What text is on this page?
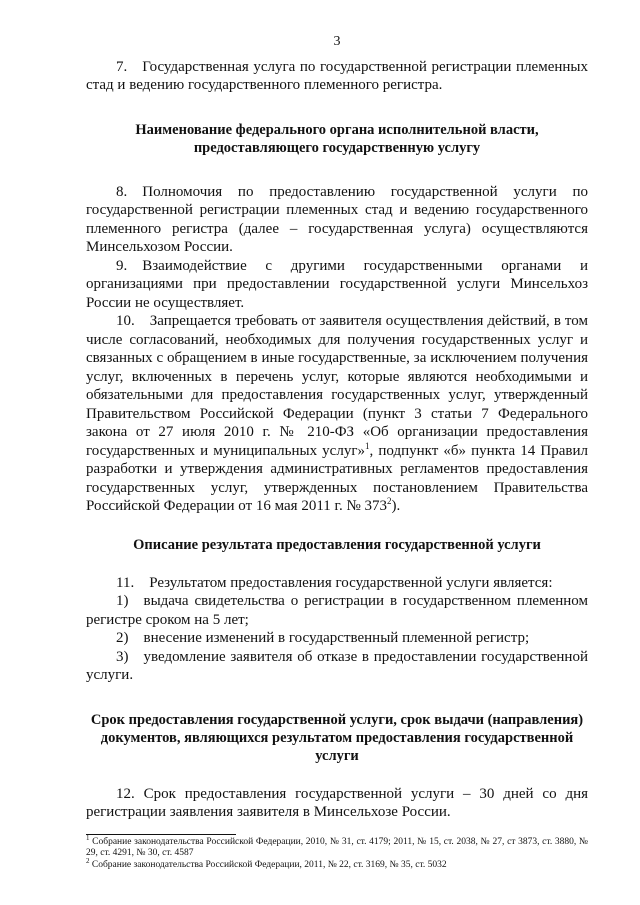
3

7. Государственная услуга по государственной регистрации племенных стад и ведению государственного племенного регистра.

Наименование федерального органа исполнительной власти, предоставляющего государственную услугу

8. Полномочия по предоставлению государственной услуги по государственной регистрации племенных стад и ведению государственного племенного регистра (далее – государственная услуга) осуществляются Минсельхозом России.

9. Взаимодействие с другими государственными органами и организациями при предоставлении государственной услуги Минсельхоз России не осуществляет.

10. Запрещается требовать от заявителя осуществления действий, в том числе согласований, необходимых для получения государственных услуг и связанных с обращением в иные государственные, за исключением получения услуг, включенных в перечень услуг, которые являются необходимыми и обязательными для предоставления государственных услуг, утвержденный Правительством Российской Федерации (пункт 3 статьи 7 Федерального закона от 27 июля 2010 г. № 210-ФЗ «Об организации предоставления государственных и муниципальных услуг»$^1$, подпункт «б» пункта 14 Правил разработки и утверждения административных регламентов предоставления государственных услуг, утвержденных постановлением Правительства Российской Федерации от 16 мая 2011 г. № $373^2$).

Описание результата предоставления государственной услуги

11. Результатом предоставления государственной услуги является:

1) выдача свидетельства о регистрации в государственном племенном регистре сроком на 5 лет;

2) внесение изменений в государственный племенной регистр;

3) уведомление заявителя об отказе в предоставлении государственной услуги.

Срок предоставления государственной услуги, срок выдачи (направления) документов, являющихся результатом предоставления государственной услуги

12. Срок предоставления государственной услуги – 30 дней со дня регистрации заявления заявителя в Минсельхозе России.

$^1$ Собрание законодательства Российской Федерации, 2010, № 31, ст. 4179; 2011, № 15, ст. 2038, № 27, ст 3873, ст. 3880, № 29, ст. 4291, № 30, ст. 4587

$^2$ Собрание законодательства Российской Федерации, 2011, № 22, ст. 3169, № 35, ст. 5032
